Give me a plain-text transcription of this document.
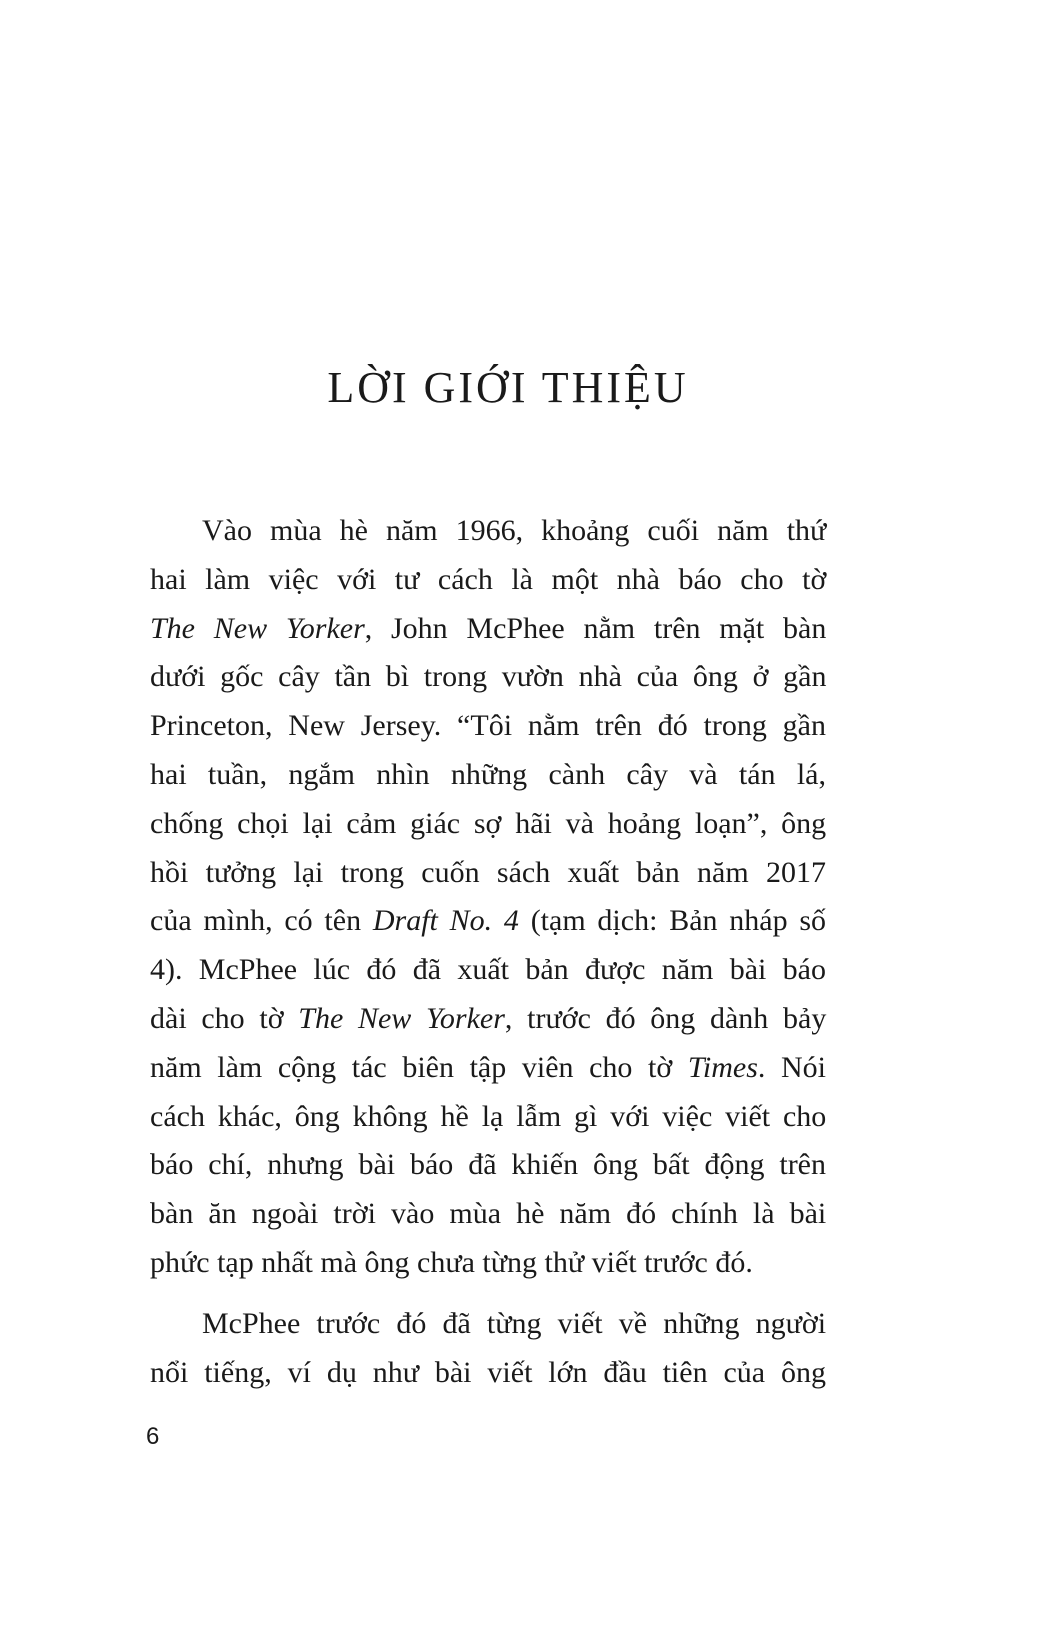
LỜI GIỚI THIỆU

Vào mùa hè năm 1966, khoảng cuối năm thứ
hai làm việc với tư cách là một nhà báo cho tờ
The New Yorker, John McPhee nằm trên mặt bàn
dưới gốc cây tần bì trong vườn nhà của ông ở gần
Princeton, New Jersey. “Tôi nằm trên đó trong gần
hai tuần, ngắm nhìn những cành cây và tán lá,
chống chọi lại cảm giác sợ hãi và hoảng loạn”, ông
hồi tưởng lại trong cuốn sách xuất bản năm 2017
của mình, có tên Draft No. 4 (tạm dịch: Bản nháp số
4). McPhee lúc đó đã xuất bản được năm bài báo
dài cho tờ The New Yorker, trước đó ông dành bảy
năm làm cộng tác biên tập viên cho tờ Times. Nói
cách khác, ông không hề lạ lẫm gì với việc viết cho
báo chí, nhưng bài báo đã khiến ông bất động trên
bàn ăn ngoài trời vào mùa hè năm đó chính là bài
phức tạp nhất mà ông chưa từng thử viết trước đó.

McPhee trước đó đã từng viết về những người
nổi tiếng, ví dụ như bài viết lớn đầu tiên của ông

6
